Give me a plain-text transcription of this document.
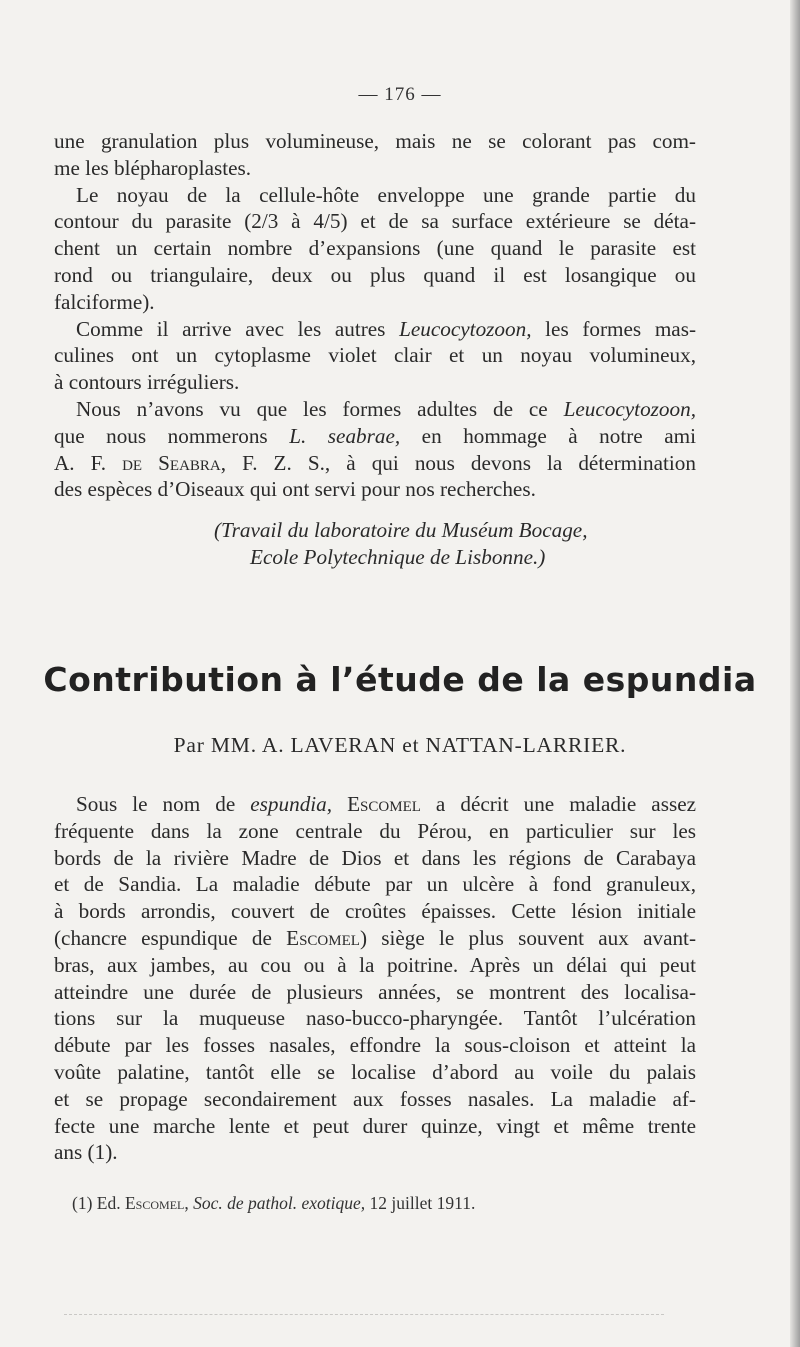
— 176 —
une granulation plus volumineuse, mais ne se colorant pas com-
me les blépharoplastes.
Le noyau de la cellule-hôte enveloppe une grande partie du
contour du parasite (2/3 à 4/5) et de sa surface extérieure se déta-
chent un certain nombre d’expansions (une quand le parasite est
rond ou triangulaire, deux ou plus quand il est losangique ou
falciforme).
Comme il arrive avec les autres Leucocytozoon, les formes mas-
culines ont un cytoplasme violet clair et un noyau volumineux,
à contours irréguliers.
Nous n’avons vu que les formes adultes de ce Leucocytozoon,
que nous nommerons L. seabrae, en hommage à notre ami
A. F. de Seabra, F. Z. S., à qui nous devons la détermination
des espèces d’Oiseaux qui ont servi pour nos recherches.
(Travail du laboratoire du Muséum Bocage,
Ecole Polytechnique de Lisbonne.)
Contribution à l’étude de la espundia
Par MM. A. LAVERAN et NATTAN-LARRIER.
Sous le nom de espundia, Escomel a décrit une maladie assez
fréquente dans la zone centrale du Pérou, en particulier sur les
bords de la rivière Madre de Dios et dans les régions de Carabaya
et de Sandia. La maladie débute par un ulcère à fond granuleux,
à bords arrondis, couvert de croûtes épaisses. Cette lésion initiale
(chancre espundique de Escomel) siège le plus souvent aux avant-
bras, aux jambes, au cou ou à la poitrine. Après un délai qui peut
atteindre une durée de plusieurs années, se montrent des localisa-
tions sur la muqueuse naso-bucco-pharyngée. Tantôt l’ulcération
débute par les fosses nasales, effondre la sous-cloison et atteint la
voûte palatine, tantôt elle se localise d’abord au voile du palais
et se propage secondairement aux fosses nasales. La maladie af-
fecte une marche lente et peut durer quinze, vingt et même trente
ans (1).
(1) Ed. Escomel, Soc. de pathol. exotique, 12 juillet 1911.
